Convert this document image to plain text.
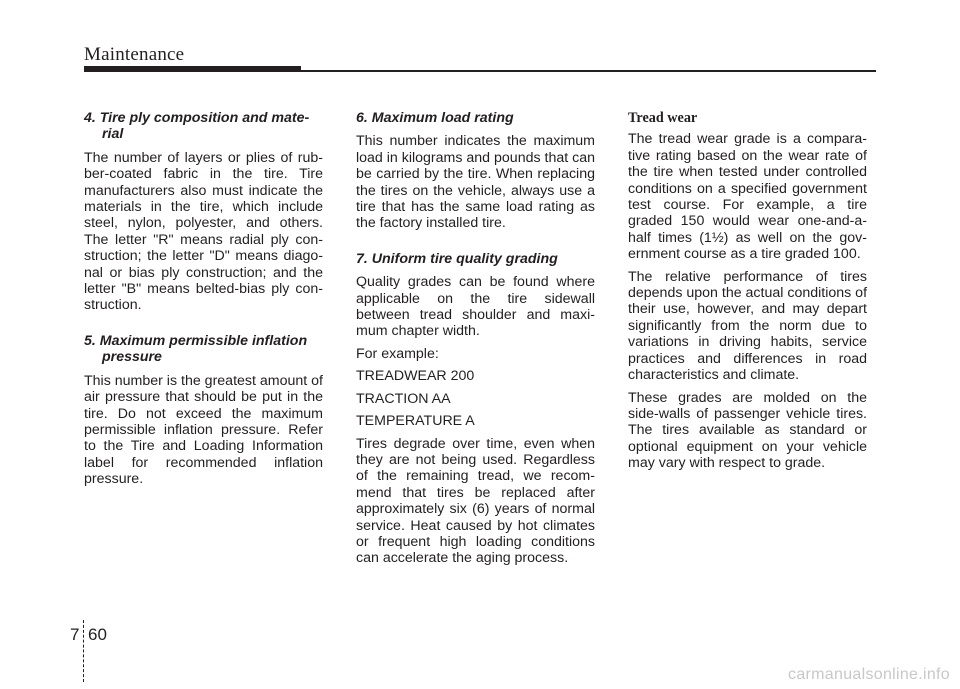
Maintenance
4. Tire ply composition and material

The number of layers or plies of rubber-coated fabric in the tire. Tire manufacturers also must indicate the materials in the tire, which include steel, nylon, polyester, and others. The letter "R" means radial ply construction; the letter "D" means diagonal or bias ply construction; and the letter "B" means belted-bias ply construction.

5. Maximum permissible inflation pressure

This number is the greatest amount of air pressure that should be put in the tire. Do not exceed the maximum permissible inflation pressure. Refer to the Tire and Loading Information label for recommended inflation pressure.

6. Maximum load rating

This number indicates the maximum load in kilograms and pounds that can be carried by the tire. When replacing the tires on the vehicle, always use a tire that has the same load rating as the factory installed tire.

7. Uniform tire quality grading

Quality grades can be found where applicable on the tire sidewall between tread shoulder and maximum chapter width.

For example:

TREADWEAR 200

TRACTION AA

TEMPERATURE A

Tires degrade over time, even when they are not being used. Regardless of the remaining tread, we recommend that tires be replaced after approximately six (6) years of normal service. Heat caused by hot climates or frequent high loading conditions can accelerate the aging process.

Tread wear

The tread wear grade is a comparative rating based on the wear rate of the tire when tested under controlled conditions on a specified government test course. For example, a tire graded 150 would wear one-and-a-half times (1½) as well on the government course as a tire graded 100.

The relative performance of tires depends upon the actual conditions of their use, however, and may depart significantly from the norm due to variations in driving habits, service practices and differences in road characteristics and climate.

These grades are molded on the side-walls of passenger vehicle tires. The tires available as standard or optional equipment on your vehicle may vary with respect to grade.

7 60
carmanualsonline.info
